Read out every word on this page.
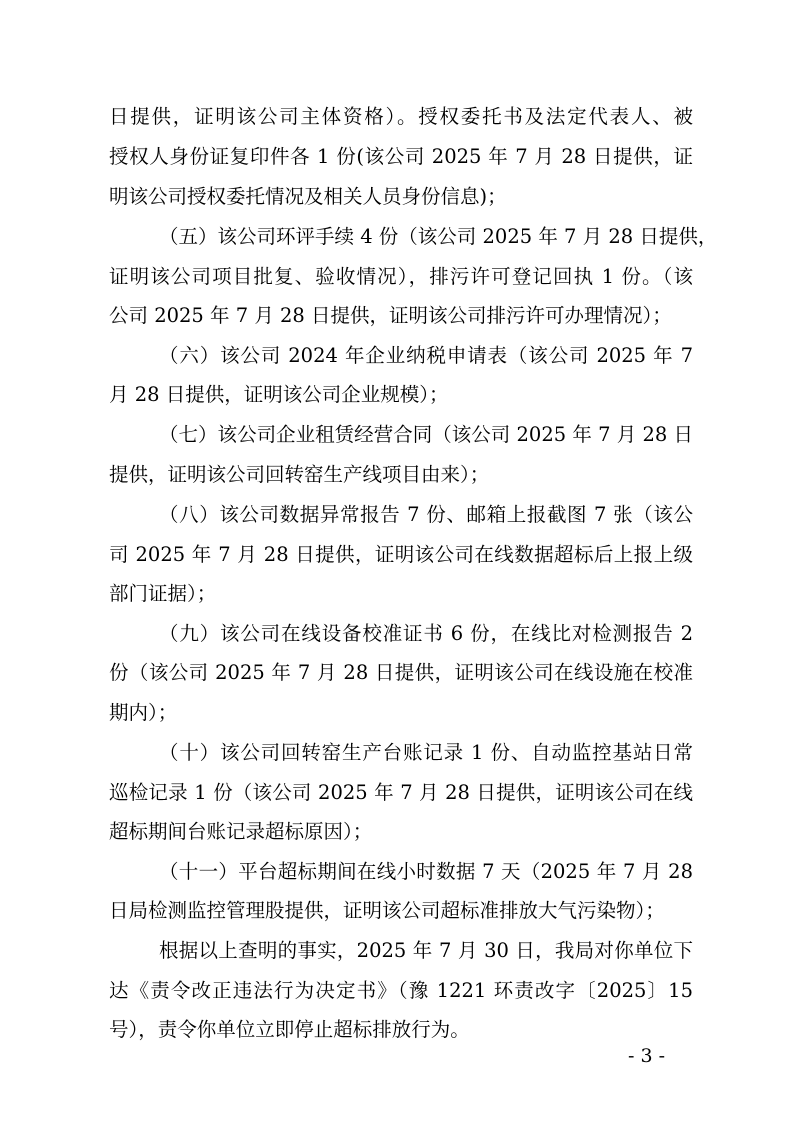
日提供，证明该公司主体资格）。授权委托书及法定代表人、被
授权人身份证复印件各 1 份(该公司 2025 年 7 月 28 日提供，证
明该公司授权委托情况及相关人员身份信息)；
（五）该公司环评手续 4 份（该公司 2025 年 7 月 28 日提供，
证明该公司项目批复、验收情况），排污许可登记回执 1 份。（该
公司 2025 年 7 月 28 日提供，证明该公司排污许可办理情况）；
（六）该公司 2024 年企业纳税申请表（该公司 2025 年 7
月 28 日提供，证明该公司企业规模）；
（七）该公司企业租赁经营合同（该公司 2025 年 7 月 28 日
提供，证明该公司回转窑生产线项目由来）；
（八）该公司数据异常报告 7 份、邮箱上报截图 7 张（该公
司 2025 年 7 月 28 日提供，证明该公司在线数据超标后上报上级
部门证据）；
（九）该公司在线设备校准证书 6 份，在线比对检测报告 2
份（该公司 2025 年 7 月 28 日提供，证明该公司在线设施在校准
期内）；
（十）该公司回转窑生产台账记录 1 份、自动监控基站日常
巡检记录 1 份（该公司 2025 年 7 月 28 日提供，证明该公司在线
超标期间台账记录超标原因）；
（十一）平台超标期间在线小时数据 7 天（2025 年 7 月 28
日局检测监控管理股提供，证明该公司超标准排放大气污染物）；
根据以上查明的事实，2025 年 7 月 30 日，我局对你单位下
达《责令改正违法行为决定书》（豫 1221 环责改字〔2025〕15
号），责令你单位立即停止超标排放行为。
- 3 -
